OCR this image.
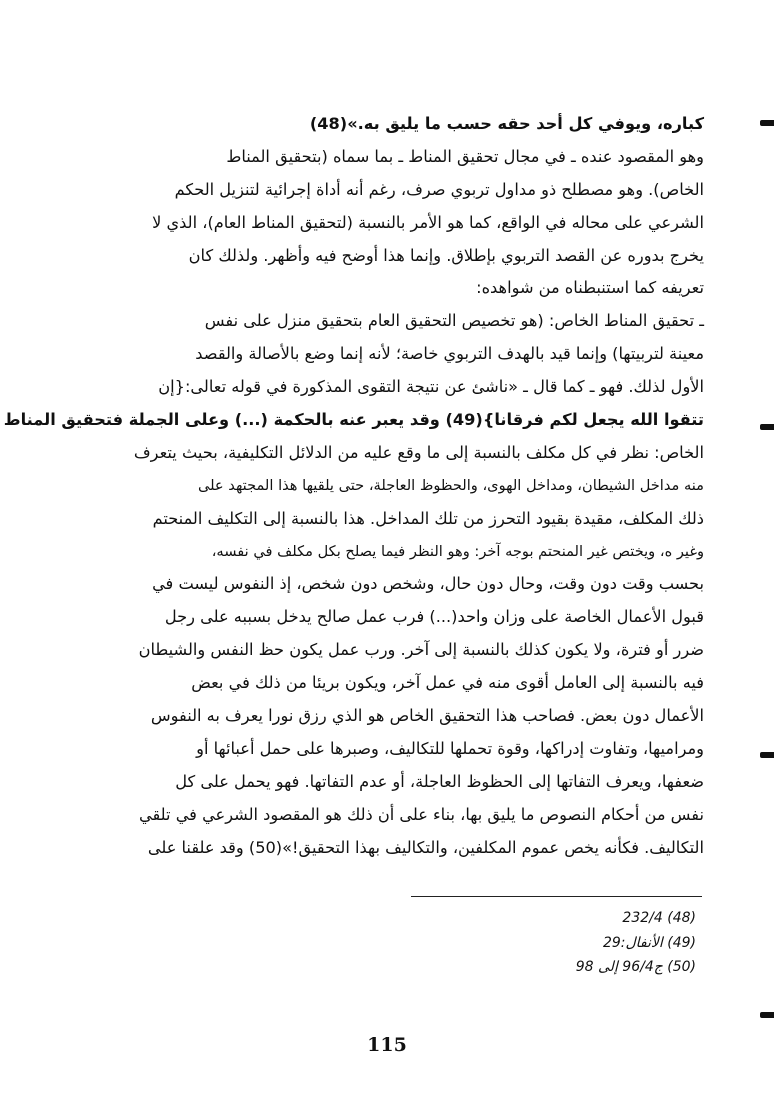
كباره، ويوفي كل أحد حقه حسب ما يليق به.»(48)
وهو المقصود عنده ـ في مجال تحقيق المناط ـ بما سماه (بتحقيق المناط
الخاص). وهو مصطلح ذو مداول تربوي صرف، رغم أنه أداة إجرائية لتنزيل الحكم
الشرعي على محاله في الواقع، كما هو الأمر بالنسبة (لتحقيق المناط العام)، الذي لا
يخرج بدوره عن القصد التربوي بإطلاق. وإنما هذا أوضح فيه وأظهر. ولذلك كان
تعريفه كما استنبطناه من شواهده:
ـ تحقيق المناط الخاص: (هو تخصيص التحقيق العام بتحقيق منزل على نفس
معينة لتربيتها) وإنما قيد بالهدف التربوي خاصة؛ لأنه إنما وضع بالأصالة والقصد
الأول لذلك. فهو ـ كما قال ـ «ناشئ عن نتيجة التقوى المذكورة في قوله تعالى:{إن
تتقوا الله يجعل لكم فرقانا}(49) وقد يعبر عنه بالحكمة (...) وعلى الجملة فتحقيق المناط
الخاص: نظر في كل مكلف بالنسبة إلى ما وقع عليه من الدلائل التكليفية، بحيث يتعرف
منه مداخل الشيطان، ومداخل الهوى، والحظوظ العاجلة، حتى يلقيها هذا المجتهد على
ذلك المكلف، مقيدة بقيود التحرز من تلك المداخل. هذا بالنسبة إلى التكليف المنحتم
وغير ه، ويختص غير المنحتم بوجه آخر: وهو النظر فيما يصلح بكل مكلف في نفسه،
بحسب وقت دون وقت، وحال دون حال، وشخص دون شخص، إذ النفوس ليست في
قبول الأعمال الخاصة على وزان واحد(...) فرب عمل صالح يدخل بسببه على رجل
ضرر أو فترة، ولا يكون كذلك بالنسبة إلى آخر. ورب عمل يكون حظ النفس والشيطان
فيه بالنسبة إلى العامل أقوى منه في عمل آخر، ويكون بريئا من ذلك في بعض
الأعمال دون بعض. فصاحب هذا التحقيق الخاص هو الذي رزق نورا يعرف به النفوس
ومراميها، وتفاوت إدراكها، وقوة تحملها للتكاليف، وصبرها على حمل أعبائها أو
ضعفها، ويعرف التفاتها إلى الحظوظ العاجلة، أو عدم التفاتها. فهو يحمل على كل
نفس من أحكام النصوص ما يليق بها، بناء على أن ذلك هو المقصود الشرعي في تلقي
التكاليف. فكأنه يخص عموم المكلفين، والتكاليف بهذا التحقيق!»(50) وقد علقنا على
(48) 232/4
(49) الأنفال:29
(50) ج96/4 إلى 98
115
